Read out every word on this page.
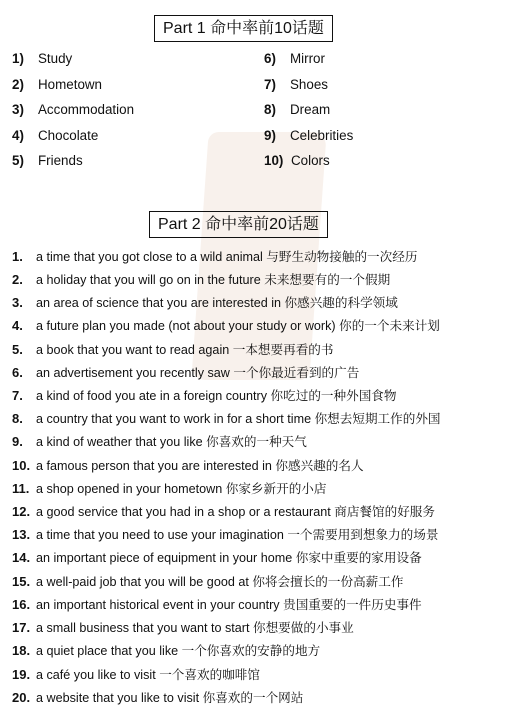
Part 1 命中率前10话题
1) Study
2) Hometown
3) Accommodation
4) Chocolate
5) Friends
6) Mirror
7) Shoes
8) Dream
9) Celebrities
10) Colors
Part 2 命中率前20话题
1. a time that you got close to a wild animal 与野生动物接触的一次经历
2. a holiday that you will go on in the future 未来想要有的一个假期
3. an area of science that you are interested in 你感兴趣的科学领域
4. a future plan you made (not about your study or work) 你的一个未来计划
5. a book that you want to read again 一本想要再看的书
6. an advertisement you recently saw 一个你最近看到的广告
7. a kind of food you ate in a foreign country 你吃过的一种外国食物
8. a country that you want to work in for a short time 你想去短期工作的外国
9. a kind of weather that you like 你喜欢的一种天气
10. a famous person that you are interested in 你感兴趣的名人
11. a shop opened in your hometown 你家乡新开的小店
12. a good service that you had in a shop or a restaurant 商店餐馆的好服务
13. a time that you need to use your imagination 一个需要用到想象力的场景
14. an important piece of equipment in your home 你家中重要的家用设备
15. a well-paid job that you will be good at 你将会擅长的一份高薪工作
16. an important historical event in your country 贵国重要的一件历史事件
17. a small business that you want to start 你想要做的小事业
18. a quiet place that you like 一个你喜欢的安静的地方
19. a café you like to visit 一个喜欢的咖啡馆
20. a website that you like to visit 你喜欢的一个网站
